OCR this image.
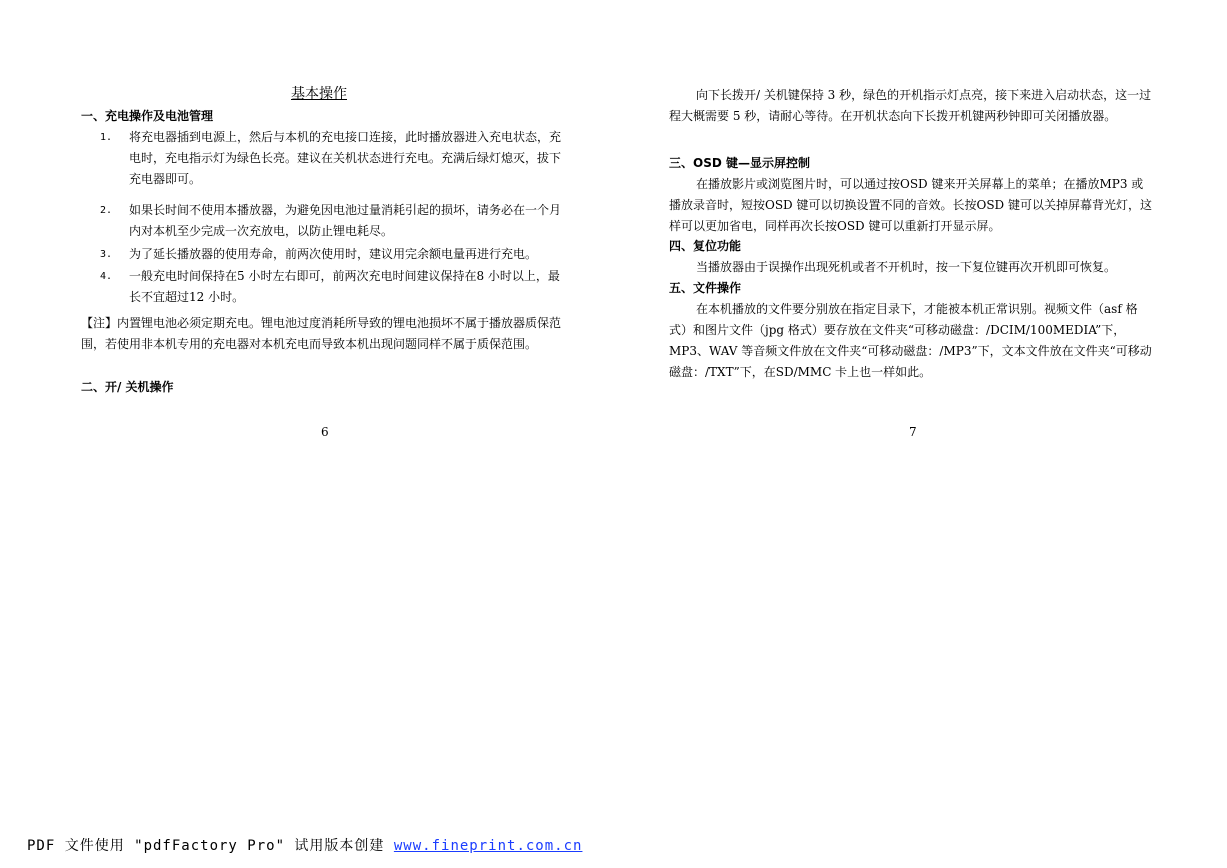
基本操作
一、充电操作及电池管理
1. 将充电器插到电源上，然后与本机的充电接口连接，此时播放器进入充电状态，充电时，充电指示灯为绿色长亮。建议在关机状态进行充电。充满后绿灯熄灭，拔下充电器即可。
2. 如果长时间不使用本播放器，为避免因电池过量消耗引起的损坏，请务必在一个月内对本机至少完成一次充放电，以防止锂电耗尽。
3. 为了延长播放器的使用寿命，前两次使用时，建议用完余额电量再进行充电。
4. 一般充电时间保持在5 小时左右即可，前两次充电时间建议保持在8 小时以上，最长不宜超过12 小时。

【注】内置锂电池必须定期充电。锂电池过度消耗所导致的锂电池损坏不属于播放器质保范围，若使用非本机专用的充电器对本机充电而导致本机出现问题同样不属于质保范围。

二、开/ 关机操作
6

向下长拨开/ 关机键保持 3 秒，绿色的开机指示灯点亮，接下来进入启动状态，这一过程大概需要 5 秒，请耐心等待。在开机状态向下长拨开机键两秒钟即可关闭播放器。

三、OSD 键—显示屏控制

在播放影片或浏览图片时，可以通过按OSD 键来开关屏幕上的菜单；在播放MP3 或播放录音时，短按OSD 键可以切换设置不同的音效。长按OSD 键可以关掉屏幕背光灯，这样可以更加省电，同样再次长按OSD 键可以重新打开显示屏。

四、复位功能

当播放器由于误操作出现死机或者不开机时，按一下复位键再次开机即可恢复。

五、文件操作

在本机播放的文件要分别放在指定目录下，才能被本机正常识别。视频文件（asf 格式）和图片文件（jpg 格式）要存放在文件夹“可移动磁盘：/DCIM/100MEDIA”下，MP3、WAV 等音频文件放在文件夹“可移动磁盘：/MP3”下，文本文件放在文件夹“可移动磁盘：/TXT”下，在SD/MMC 卡上也一样如此。

7
PDF 文件使用 "pdfFactory Pro" 试用版本创建 www.fineprint.com.cn
